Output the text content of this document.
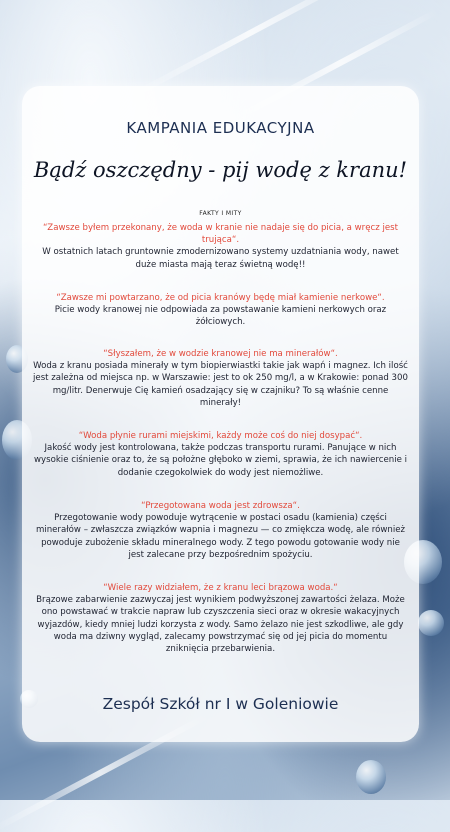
KAMPANIA EDUKACYJNA
Bądź oszczędny - pij wodę z kranu!
FAKTY I MITY
“Zawsze byłem przekonany, że woda w kranie nie nadaje się do picia, a wręcz jest trująca“.
W ostatnich latach gruntownie zmodernizowano systemy uzdatniania wody, nawet duże miasta mają teraz świetną wodę!!
“Zawsze mi powtarzano, że od picia kranówy będę miał kamienie nerkowe“.
Picie wody kranowej nie odpowiada za powstawanie kamieni nerkowych oraz żółciowych.
“Słyszałem, że w wodzie kranowej nie ma minerałów“.
Woda z kranu posiada minerały w tym biopierwiastki takie jak wapń i magnez. Ich ilość jest zależna od miejsca np. w Warszawie: jest to ok 250 mg/l, a w Krakowie: ponad 300 mg/litr. Denerwuje Cię kamień osadzający się w czajniku? To są właśnie cenne minerały!
“Woda płynie rurami miejskimi, każdy może coś do niej dosypać“.
Jakość wody jest kontrolowana, także podczas transportu rurami. Panujące w nich wysokie ciśnienie oraz to, że są położne głęboko w ziemi, sprawia, że ich nawiercenie i dodanie czegokolwiek do wody jest niemożliwe.
“Przegotowana woda jest zdrowsza“.
Przegotowanie wody powoduje wytrącenie w postaci osadu (kamienia) części minerałów – zwłaszcza związków wapnia i magnezu — co zmiękcza wodę, ale również powoduje zubożenie składu mineralnego wody. Z tego powodu gotowanie wody nie jest zalecane przy bezpośrednim spożyciu.
“Wiele razy widziałem, że z kranu leci brązowa woda.“
Brązowe zabarwienie zazwyczaj jest wynikiem podwyższonej zawartości żelaza. Może ono powstawać w trakcie napraw lub czyszczenia sieci oraz w okresie wakacyjnych wyjazdów, kiedy mniej ludzi korzysta z wody. Samo żelazo nie jest szkodliwe, ale gdy woda ma dziwny wygląd, zalecamy powstrzymać się od jej picia do momentu zniknięcia przebarwienia.
Zespół Szkół nr I w Goleniowie
